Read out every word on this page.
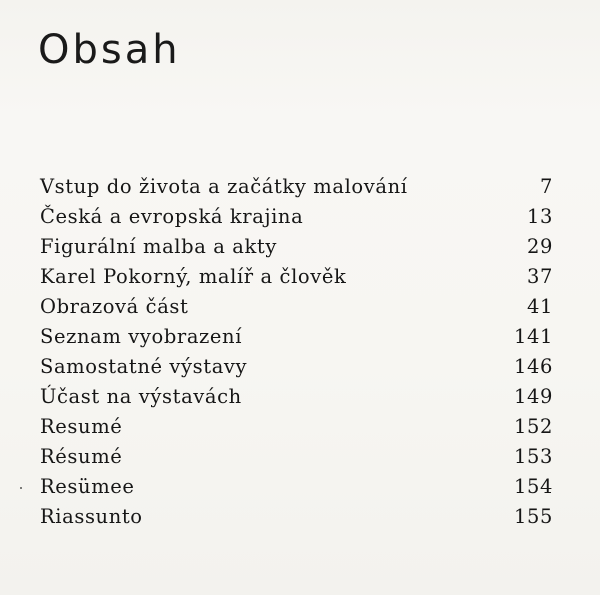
Obsah
Vstup do života a začátky malování	7
Česká a evropská krajina	13
Figurální malba a akty	29
Karel Pokorný, malíř a člověk	37
Obrazová část	41
Seznam vyobrazení	141
Samostatné výstavy	146
Účast na výstavách	149
Resumé	152
Résumé	153
Resümee	154
Riassunto	155
